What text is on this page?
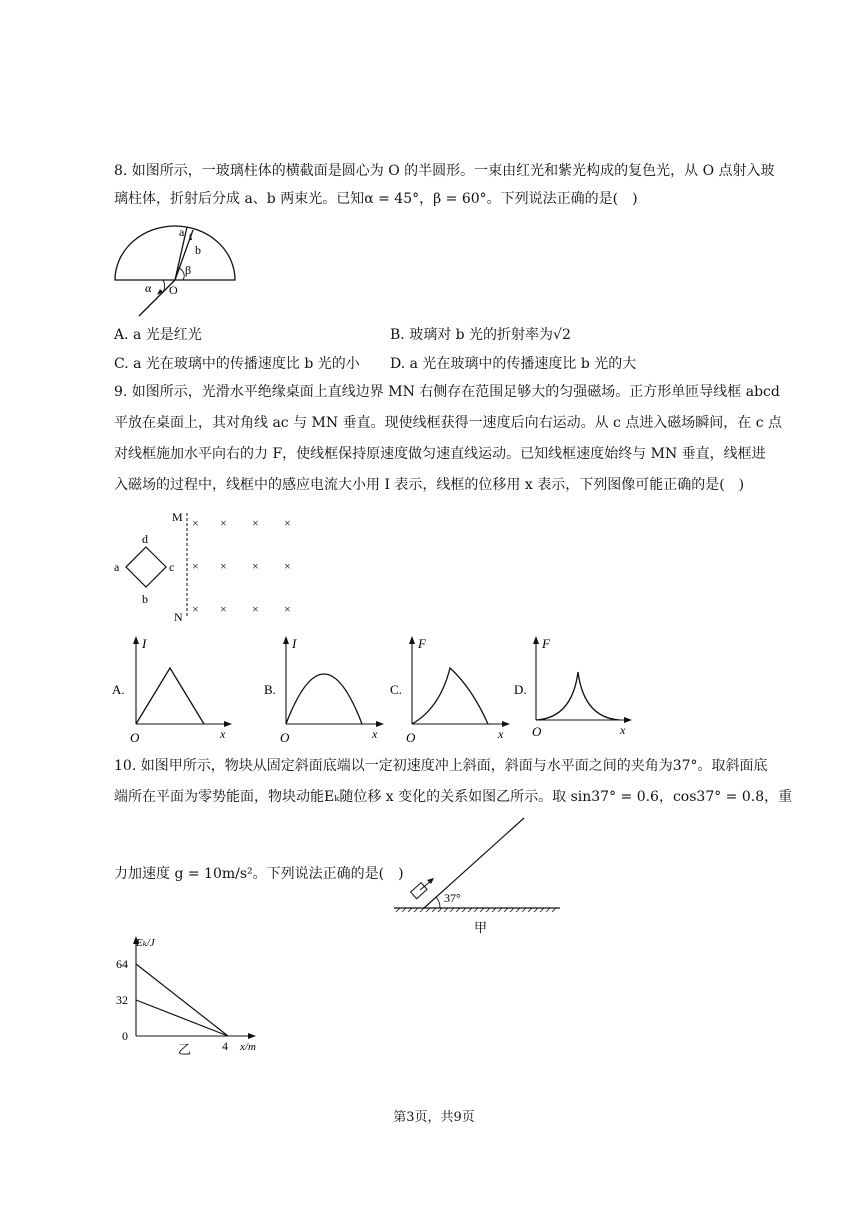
8. 如图所示，一玻璃柱体的横截面是圆心为 O 的半圆形。一束由红光和紫光构成的复色光，从 O 点射入玻
璃柱体，折射后分成 a、b 两束光。已知α = 45°，β = 60°。下列说法正确的是(　)
a
b
β
α O
A. a 光是红光	B. 玻璃对 b 光的折射率为√2
C. a 光在玻璃中的传播速度比 b 光的小 D. a 光在玻璃中的传播速度比 b 光的大
9. 如图所示，光滑水平绝缘桌面上直线边界 MN 右侧存在范围足够大的匀强磁场。正方形单匝导线框 abcd
平放在桌面上，其对角线 ac 与 MN 垂直。现使线框获得一速度后向右运动。从 c 点进入磁场瞬间，在 c 点
对线框施加水平向右的力 F，使线框保持原速度做匀速直线运动。已知线框速度始终与 MN 垂直，线框进
入磁场的过程中，线框中的感应电流大小用 I 表示，线框的位移用 x 表示，下列图像可能正确的是(　)
M
N
d
a	c
b
× × × ×
× × × ×
× × × ×
A.
I
x
O
B.
I
x
O
C.
F
x
O
D.
F
x
O
10. 如图甲所示，物块从固定斜面底端以一定初速度冲上斜面，斜面与水平面之间的夹角为37°。取斜面底
端所在平面为零势能面，物块动能Eₖ随位移 x 变化的关系如图乙所示。取 sin37° = 0.6，cos37° = 0.8，重
力加速度 g = 10m/s²。下列说法正确的是(　)
37°
甲
Eₖ/J
64
32
0
4 x/m
乙
第3页，共9页
